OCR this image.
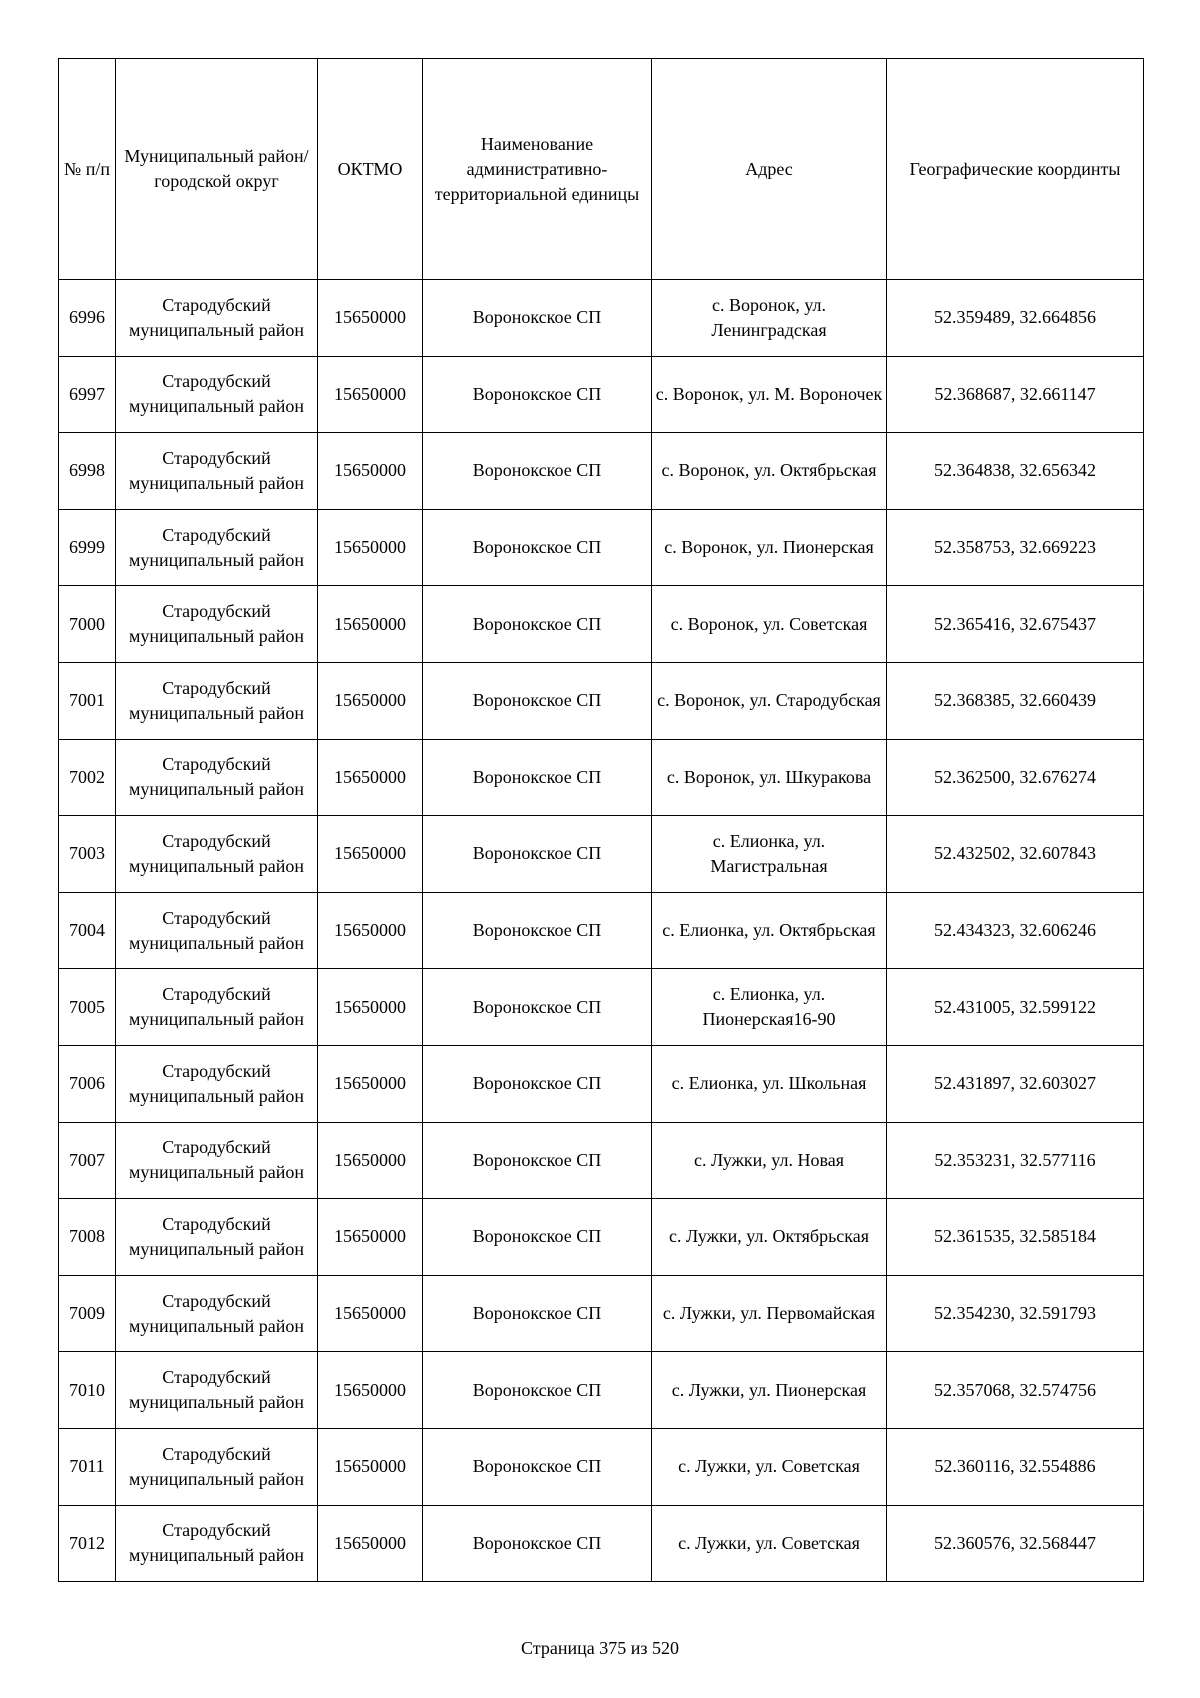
№ п/п	Муниципальный район/городской округ	ОКТМО	Наименование административно-территориальной единицы	Адрес	Географические координты
6996	Стародубский муниципальный район	15650000	Воронокское СП	с. Воронок, ул. Ленинградская	52.359489, 32.664856
6997	Стародубский муниципальный район	15650000	Воронокское СП	с. Воронок, ул. М. Вороночек	52.368687, 32.661147
6998	Стародубский муниципальный район	15650000	Воронокское СП	с. Воронок, ул. Октябрьская	52.364838, 32.656342
6999	Стародубский муниципальный район	15650000	Воронокское СП	с. Воронок, ул. Пионерская	52.358753, 32.669223
7000	Стародубский муниципальный район	15650000	Воронокское СП	с. Воронок, ул. Советская	52.365416, 32.675437
7001	Стародубский муниципальный район	15650000	Воронокское СП	с. Воронок, ул. Стародубская	52.368385, 32.660439
7002	Стародубский муниципальный район	15650000	Воронокское СП	с. Воронок, ул. Шкуракова	52.362500, 32.676274
7003	Стародубский муниципальный район	15650000	Воронокское СП	с. Елионка, ул. Магистральная	52.432502, 32.607843
7004	Стародубский муниципальный район	15650000	Воронокское СП	с. Елионка, ул. Октябрьская	52.434323, 32.606246
7005	Стародубский муниципальный район	15650000	Воронокское СП	с. Елионка, ул. Пионерская16-90	52.431005, 32.599122
7006	Стародубский муниципальный район	15650000	Воронокское СП	с. Елионка, ул. Школьная	52.431897, 32.603027
7007	Стародубский муниципальный район	15650000	Воронокское СП	с. Лужки, ул. Новая	52.353231, 32.577116
7008	Стародубский муниципальный район	15650000	Воронокское СП	с. Лужки, ул. Октябрьская	52.361535, 32.585184
7009	Стародубский муниципальный район	15650000	Воронокское СП	с. Лужки, ул. Первомайская	52.354230, 32.591793
7010	Стародубский муниципальный район	15650000	Воронокское СП	с. Лужки, ул. Пионерская	52.357068, 32.574756
7011	Стародубский муниципальный район	15650000	Воронокское СП	с. Лужки, ул. Советская	52.360116, 32.554886
7012	Стародубский муниципальный район	15650000	Воронокское СП	с. Лужки, ул. Советская	52.360576, 32.568447
Страница 375 из 520
